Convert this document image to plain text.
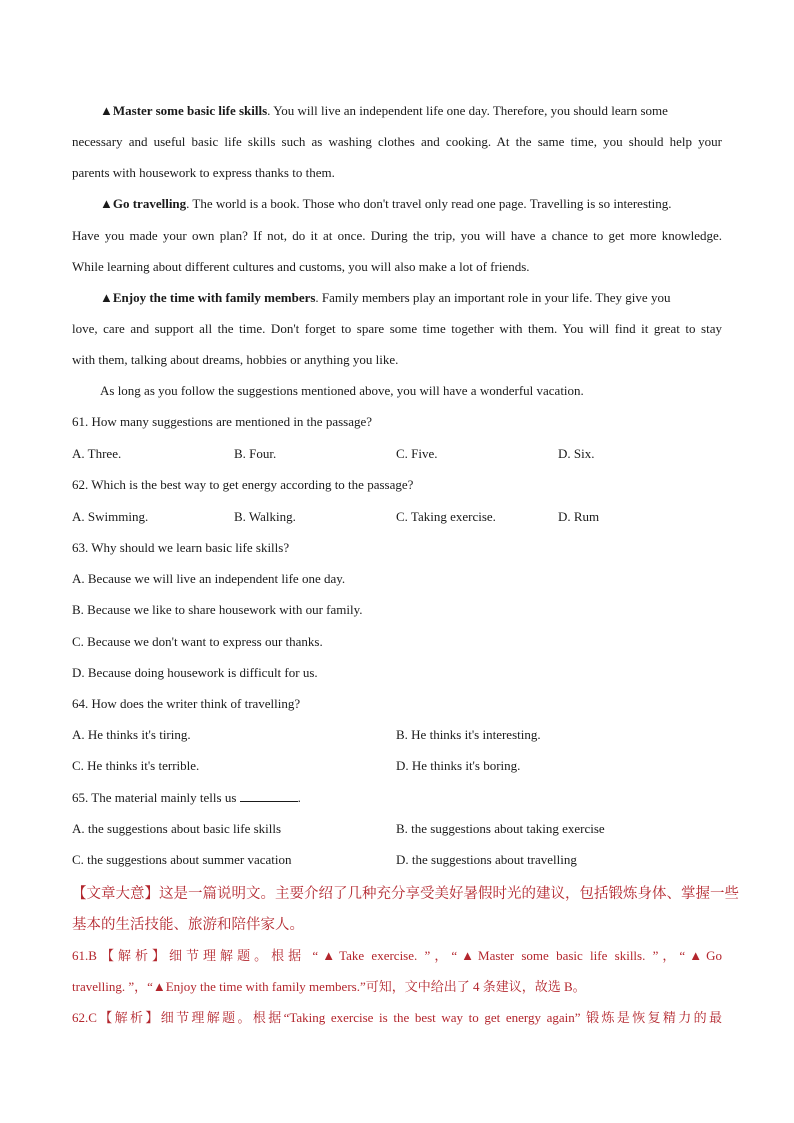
▲Master some basic life skills. You will live an independent life one day. Therefore, you should learn some
necessary and useful basic life skills such as washing clothes and cooking. At the same time, you should help your
parents with housework to express thanks to them.
▲Go travelling. The world is a book. Those who don't travel only read one page. Travelling is so interesting.
Have you made your own plan? If not, do it at once. During the trip, you will have a chance to get more knowledge.
While learning about different cultures and customs, you will also make a lot of friends.
▲Enjoy the time with family members. Family members play an important role in your life. They give you
love, care and support all the time. Don't forget to spare some time together with them. You will find it great to stay
with them, talking about dreams, hobbies or anything you like.
As long as you follow the suggestions mentioned above, you will have a wonderful vacation.
61. How many suggestions are mentioned in the passage?
A. Three.	B. Four.	C. Five.	D. Six.
62. Which is the best way to get energy according to the passage?
A. Swimming.	B. Walking.	C. Taking exercise.	D. Rum
63. Why should we learn basic life skills?
A. Because we will live an independent life one day.
B. Because we like to share housework with our family.
C. Because we don't want to express our thanks.
D. Because doing housework is difficult for us.
64. How does the writer think of travelling?
A. He thinks it's tiring.	B. He thinks it's interesting.
C. He thinks it's terrible.	D. He thinks it's boring.
65. The material mainly tells us	.
A. the suggestions about basic life skills	B. the suggestions about taking exercise
C. the suggestions about summer vacation	D. the suggestions about travelling
【文章大意】这是一篇说明文。主要介绍了几种充分享受美好暑假时光的建议，包括锻炼身体、掌握一些
基本的生活技能、旅游和陪伴家人。
61.B【解析】细节理解题。根据 “▲Take exercise. ”，“▲Master some basic life skills. ”，“▲Go
travelling. ”，“▲Enjoy the time with family members.”可知，文中给出了 4 条建议，故选 B。
62.C【解析】细节理解题。根据“Taking exercise is the best way to get energy again” 锻炼是恢复精力的最
